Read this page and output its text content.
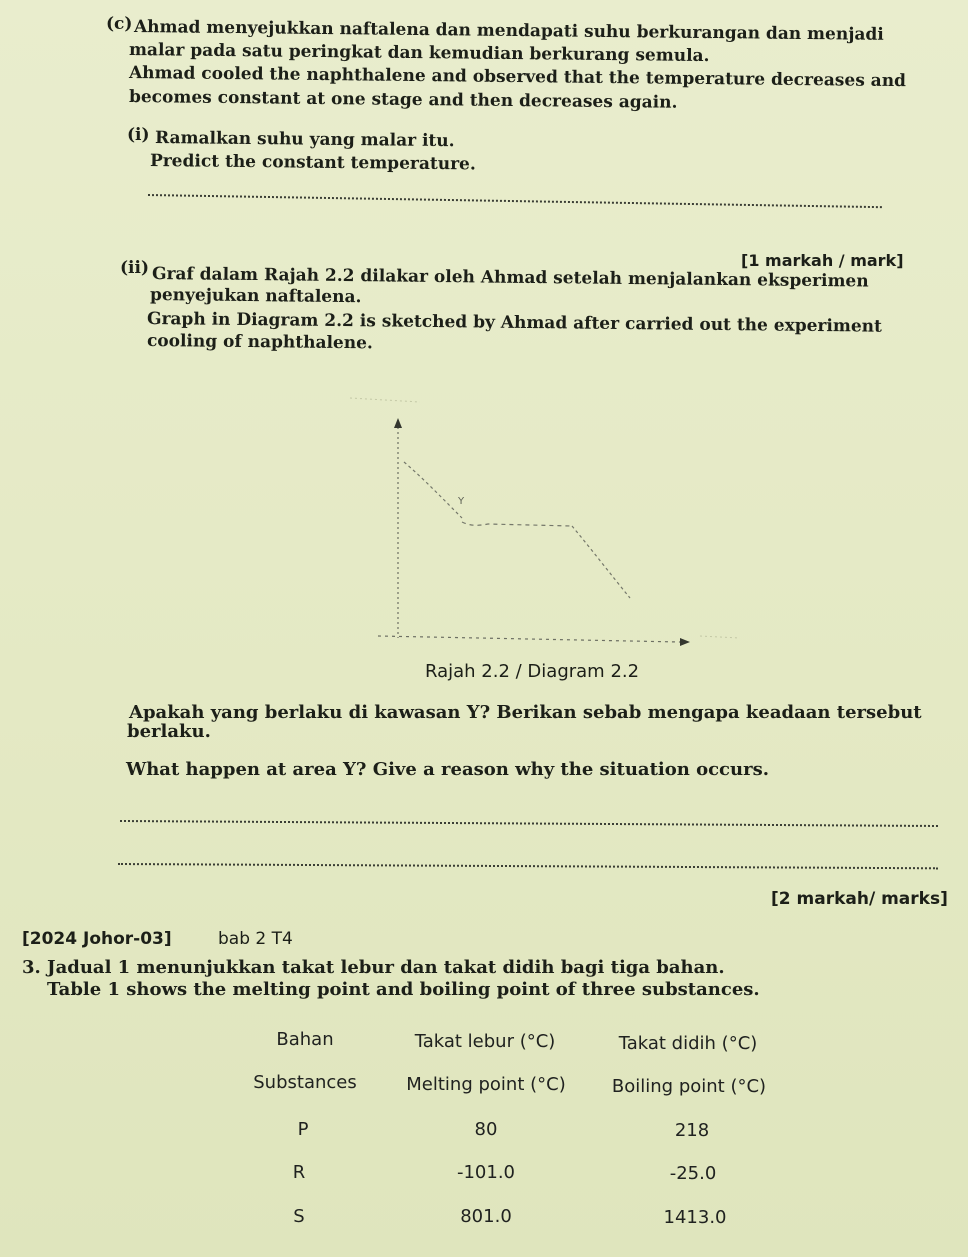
(c) Ahmad menyejukkan naftalena dan mendapati suhu berkurangan dan menjadi
malar pada satu peringkat dan kemudian berkurang semula.
Ahmad cooled the naphthalene and observed that the temperature decreases and
becomes constant at one stage and then decreases again.
(i) Ramalkan suhu yang malar itu.
Predict the constant temperature.
[1 markah / mark]
(ii) Graf dalam Rajah 2.2 dilakar oleh Ahmad setelah menjalankan eksperimen
penyejukan naftalena.
Graph in Diagram 2.2 is sketched by Ahmad after carried out the experiment
cooling of naphthalene.
Y
Rajah 2.2 / Diagram 2.2
Apakah yang berlaku di kawasan Y? Berikan sebab mengapa keadaan tersebut
berlaku.
What happen at area Y? Give a reason why the situation occurs.
[2 markah/ marks]
[2024 Johor-03]	bab 2 T4
3. Jadual 1 menunjukkan takat lebur dan takat didih bagi tiga bahan.
Table 1 shows the melting point and boiling point of three substances.
Bahan	Takat lebur (°C)	Takat didih (°C)
Substances	Melting point (°C)	Boiling point (°C)
P	80	218
R	-101.0	-25.0
S	801.0	1413.0
